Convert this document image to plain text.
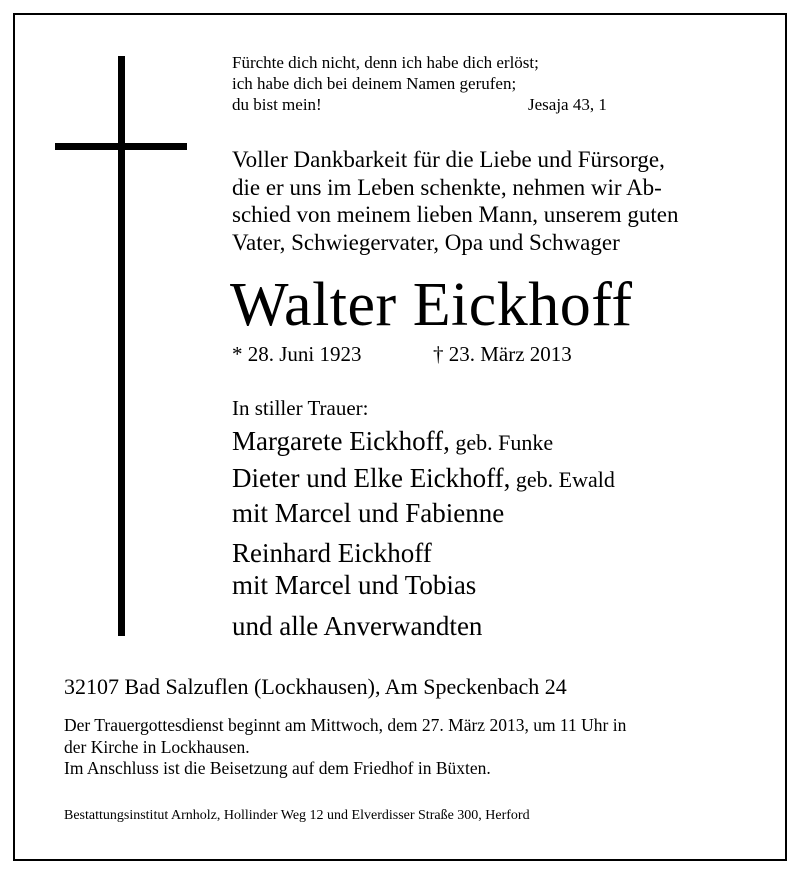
Fürchte dich nicht, denn ich habe dich erlöst;
ich habe dich bei deinem Namen gerufen;
du bist mein!	Jesaja 43, 1
Voller Dankbarkeit für die Liebe und Fürsorge,
die er uns im Leben schenkte, nehmen wir Ab-
schied von meinem lieben Mann, unserem guten
Vater, Schwiegervater, Opa und Schwager
Walter Eickhoff
* 28. Juni 1923	† 23. März 2013
In stiller Trauer:
Margarete Eickhoff, geb. Funke
Dieter und Elke Eickhoff, geb. Ewald
mit Marcel und Fabienne
Reinhard Eickhoff
mit Marcel und Tobias
und alle Anverwandten
32107 Bad Salzuflen (Lockhausen), Am Speckenbach 24
Der Trauergottesdienst beginnt am Mittwoch, dem 27. März 2013, um 11 Uhr in
der Kirche in Lockhausen.
Im Anschluss ist die Beisetzung auf dem Friedhof in Büxten.
Bestattungsinstitut Arnholz, Hollinder Weg 12 und Elverdisser Straße 300, Herford
